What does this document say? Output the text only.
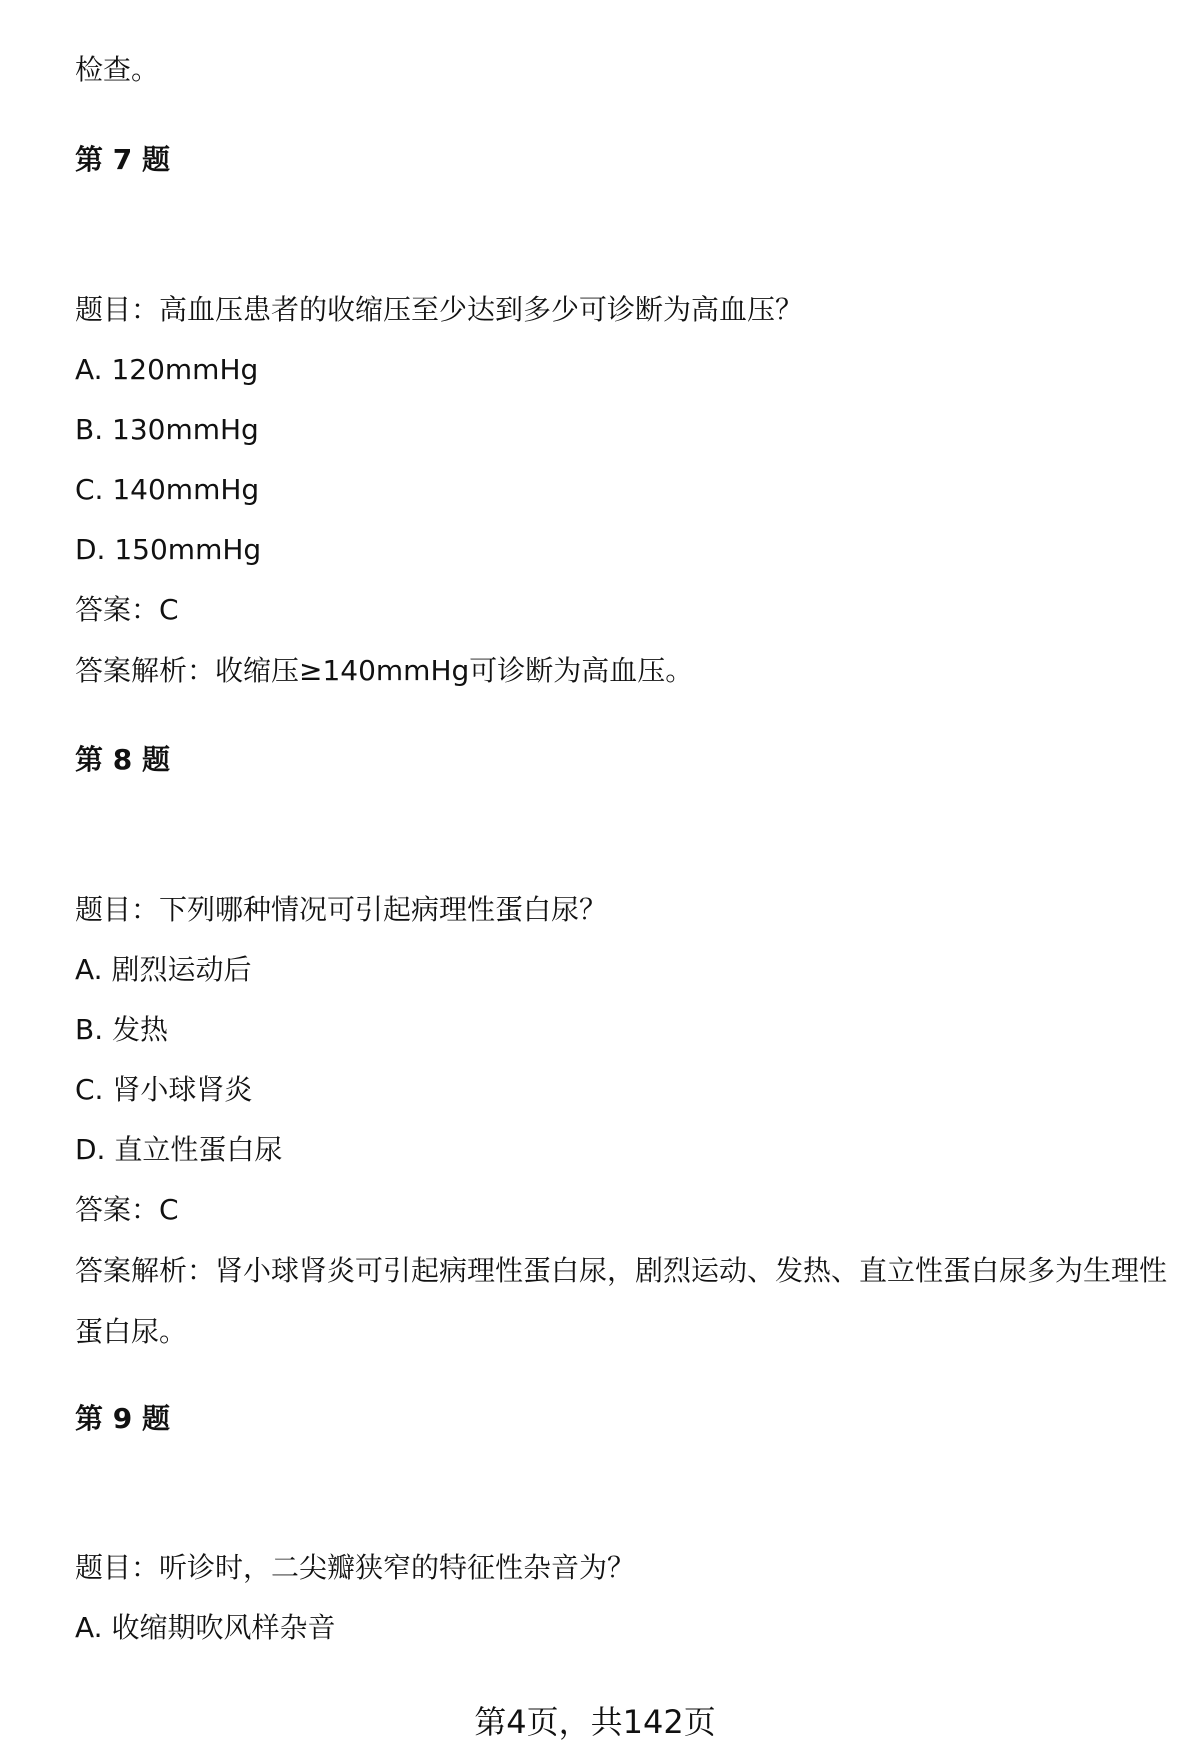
检查。

第 7 题

题目：高血压患者的收缩压至少达到多少可诊断为高血压？

A. 120mmHg

B. 130mmHg

C. 140mmHg

D. 150mmHg

答案：C

答案解析：收缩压≥140mmHg可诊断为高血压。

第 8 题

题目：下列哪种情况可引起病理性蛋白尿？

A. 剧烈运动后

B. 发热

C. 肾小球肾炎

D. 直立性蛋白尿

答案：C

答案解析：肾小球肾炎可引起病理性蛋白尿，剧烈运动、发热、直立性蛋白尿多为生理性蛋白尿。

第 9 题

题目：听诊时，二尖瓣狭窄的特征性杂音为？

A. 收缩期吹风样杂音

第4页，共142页
